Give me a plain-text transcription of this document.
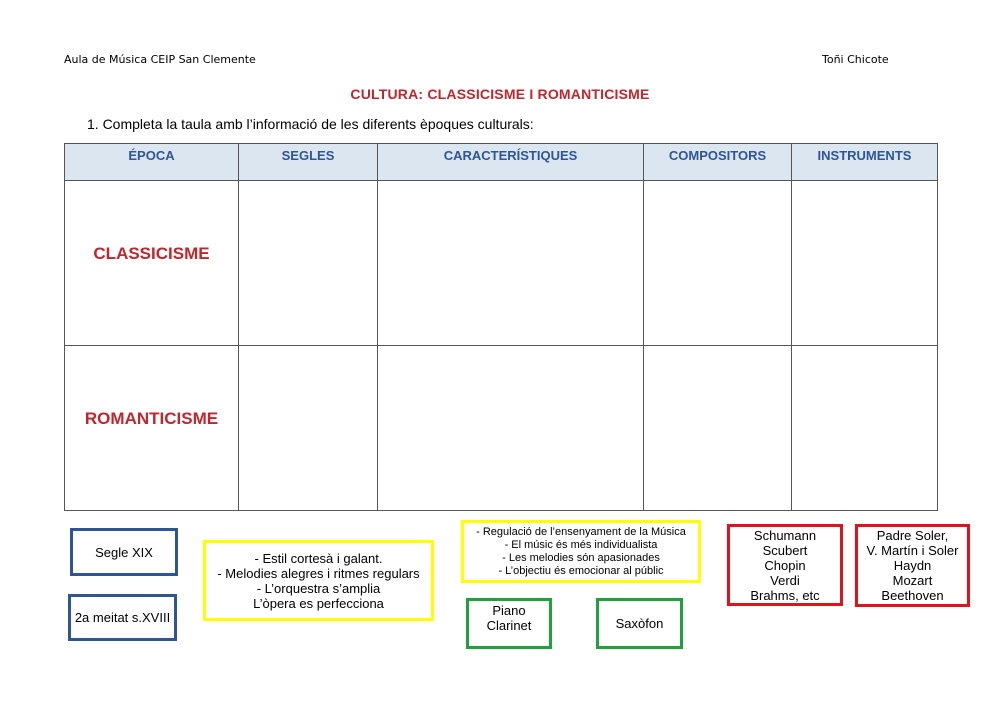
Aula de Música CEIP San Clemente	Toñi Chicote
CULTURA: CLASSICISME I ROMANTICISME
1. Completa la taula amb l’informació de les diferents èpoques culturals:
ÉPOCA	SEGLES	CARACTERÍSTIQUES	COMPOSITORS	INSTRUMENTS
CLASSICISME				
ROMANTICISME				
Segle XIX
2a meitat s.XVIII
- Estil cortesà i galant.
- Melodies alegres i ritmes regulars
- L’orquestra s’amplia
L’òpera es perfecciona
- Regulació de l’ensenyament de la Música
- El músic és més individualista
- Les melodies són apasionades
- L’objectiu és emocionar al públic
Piano
Clarinet	Saxòfon
Schumann
Scubert
Chopin
Verdi
Brahms, etc
Padre Soler,
V. Martín i Soler
Haydn
Mozart
Beethoven
